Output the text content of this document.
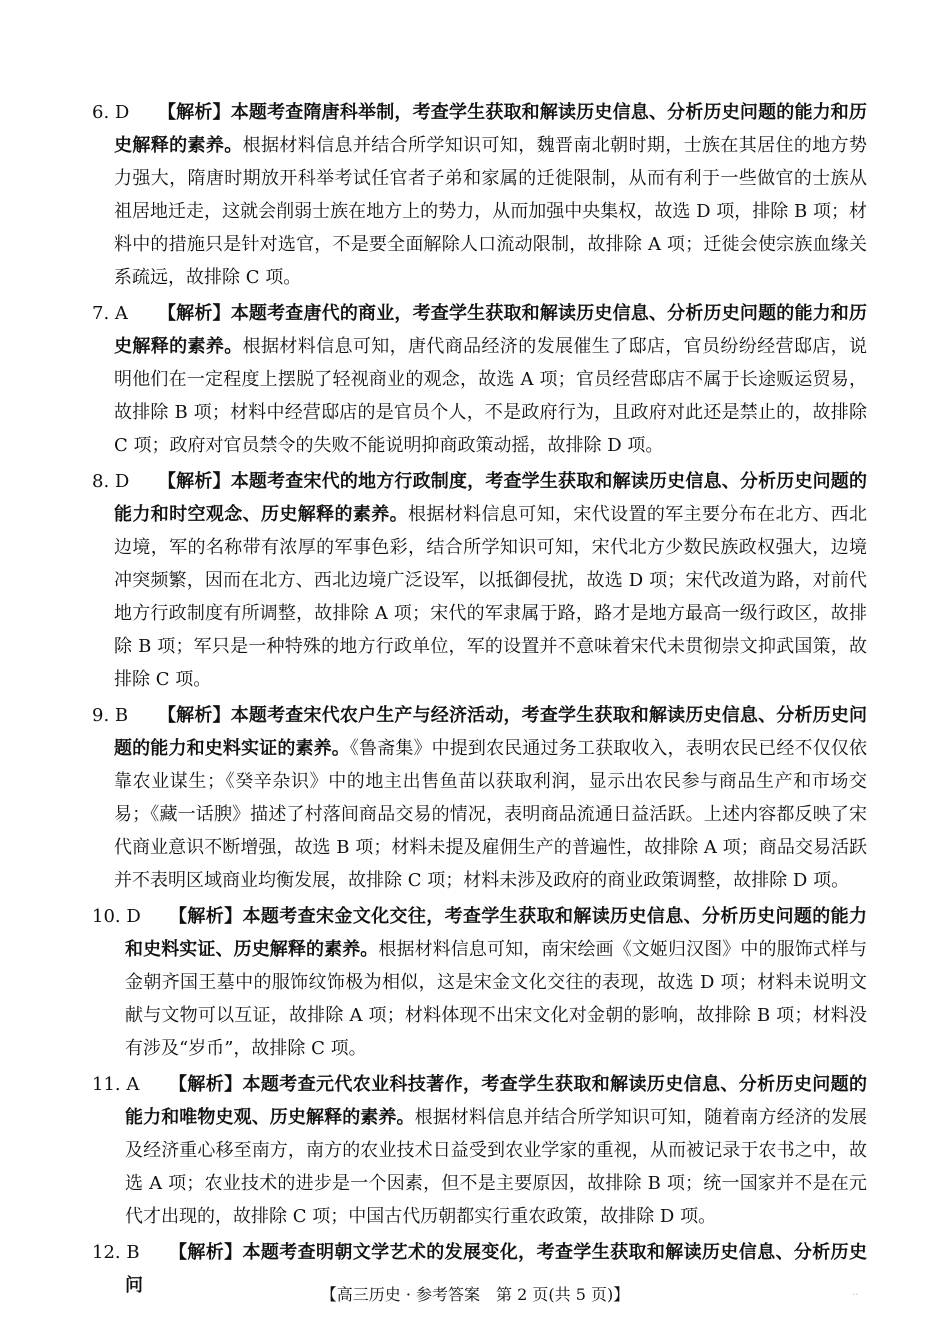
6. D	【解析】本题考查隋唐科举制，考查学生获取和解读历史信息、分析历史问题的能力和历史解释的素养。根据材料信息并结合所学知识可知，魏晋南北朝时期，士族在其居住的地方势力强大，隋唐时期放开科举考试任官者子弟和家属的迁徙限制，从而有利于一些做官的士族从祖居地迁走，这就会削弱士族在地方上的势力，从而加强中央集权，故选 D 项，排除 B 项；材料中的措施只是针对选官，不是要全面解除人口流动限制，故排除 A 项；迁徙会使宗族血缘关系疏远，故排除 C 项。
7. A	【解析】本题考查唐代的商业，考查学生获取和解读历史信息、分析历史问题的能力和历史解释的素养。根据材料信息可知，唐代商品经济的发展催生了邸店，官员纷纷经营邸店，说明他们在一定程度上摆脱了轻视商业的观念，故选 A 项；官员经营邸店不属于长途贩运贸易，故排除 B 项；材料中经营邸店的是官员个人，不是政府行为，且政府对此还是禁止的，故排除 C 项；政府对官员禁令的失败不能说明抑商政策动摇，故排除 D 项。
8. D	【解析】本题考查宋代的地方行政制度，考查学生获取和解读历史信息、分析历史问题的能力和时空观念、历史解释的素养。根据材料信息可知，宋代设置的军主要分布在北方、西北边境，军的名称带有浓厚的军事色彩，结合所学知识可知，宋代北方少数民族政权强大，边境冲突频繁，因而在北方、西北边境广泛设军，以抵御侵扰，故选 D 项；宋代改道为路，对前代地方行政制度有所调整，故排除 A 项；宋代的军隶属于路，路才是地方最高一级行政区，故排除 B 项；军只是一种特殊的地方行政单位，军的设置并不意味着宋代未贯彻崇文抑武国策，故排除 C 项。
9. B	【解析】本题考查宋代农户生产与经济活动，考查学生获取和解读历史信息、分析历史问题的能力和史料实证的素养。《鲁斋集》中提到农民通过务工获取收入，表明农民已经不仅仅依靠农业谋生；《癸辛杂识》中的地主出售鱼苗以获取利润，显示出农民参与商品生产和市场交易；《藏一话腴》描述了村落间商品交易的情况，表明商品流通日益活跃。上述内容都反映了宋代商业意识不断增强，故选 B 项；材料未提及雇佣生产的普遍性，故排除 A 项；商品交易活跃并不表明区域商业均衡发展，故排除 C 项；材料未涉及政府的商业政策调整，故排除 D 项。
10. D	【解析】本题考查宋金文化交往，考查学生获取和解读历史信息、分析历史问题的能力和史料实证、历史解释的素养。根据材料信息可知，南宋绘画《文姬归汉图》中的服饰式样与金朝齐国王墓中的服饰纹饰极为相似，这是宋金文化交往的表现，故选 D 项；材料未说明文献与文物可以互证，故排除 A 项；材料体现不出宋文化对金朝的影响，故排除 B 项；材料没有涉及“岁币”，故排除 C 项。
11. A	【解析】本题考查元代农业科技著作，考查学生获取和解读历史信息、分析历史问题的能力和唯物史观、历史解释的素养。根据材料信息并结合所学知识可知，随着南方经济的发展及经济重心移至南方，南方的农业技术日益受到农业学家的重视，从而被记录于农书之中，故选 A 项；农业技术的进步是一个因素，但不是主要原因，故排除 B 项；统一国家并不是在元代才出现的，故排除 C 项；中国古代历朝都实行重农政策，故排除 D 项。
12. B	【解析】本题考查明朝文学艺术的发展变化，考查学生获取和解读历史信息、分析历史问	【高三历史 · 参考答案　第 2 页(共 5 页)】	··
